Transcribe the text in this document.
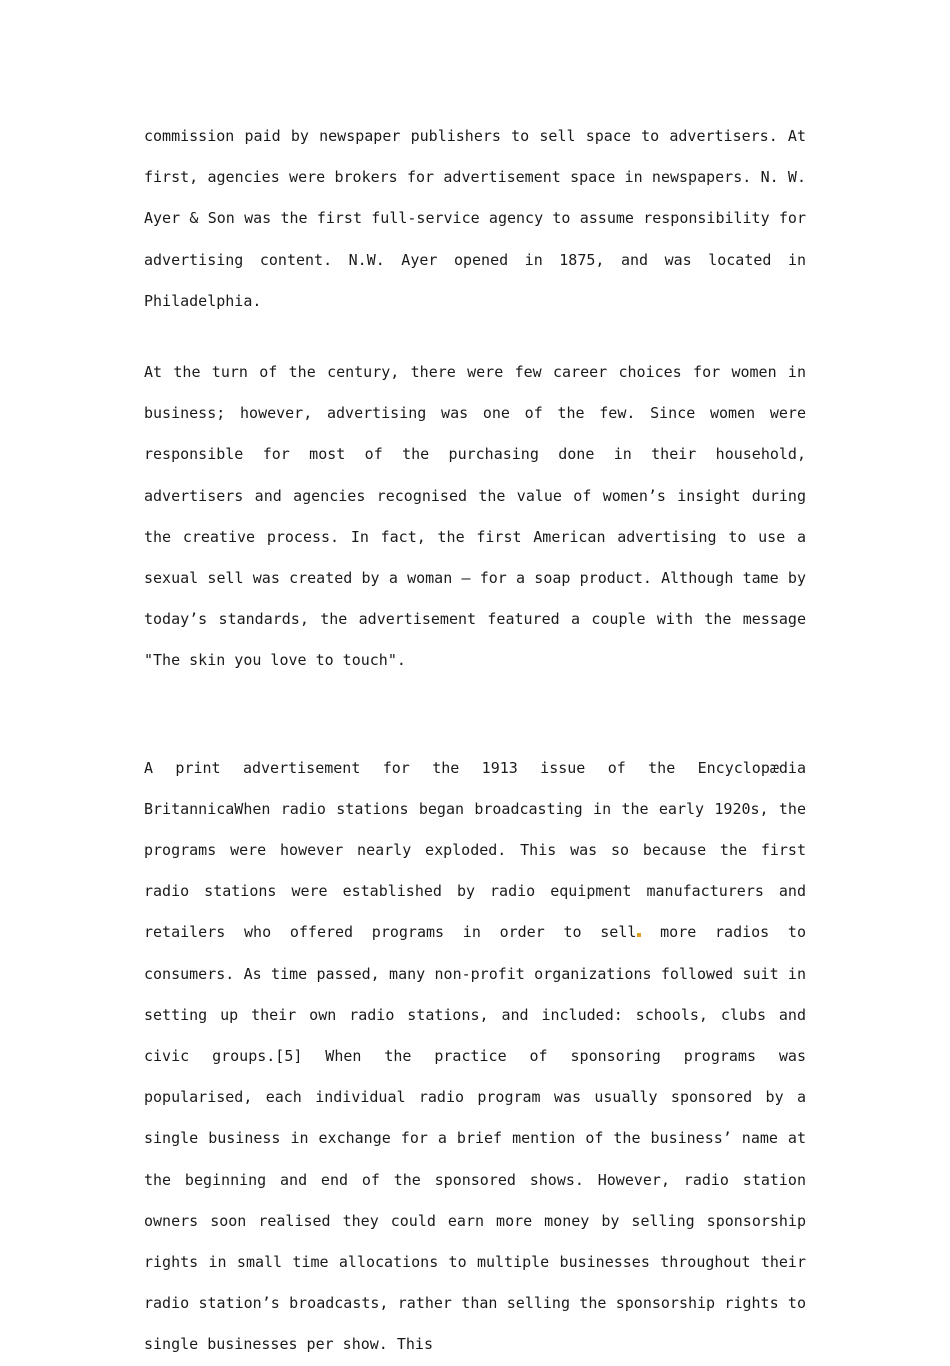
commission paid by newspaper publishers to sell space to advertisers. At first, agencies were brokers for advertisement space in newspapers. N. W. Ayer & Son was the first full-service agency to assume responsibility for advertising content. N.W. Ayer opened in 1875, and was located in Philadelphia.

At the turn of the century, there were few career choices for women in business; however, advertising was one of the few. Since women were responsible for most of the purchasing done in their household, advertisers and agencies recognised the value of women’s insight during the creative process. In fact, the first American advertising to use a sexual sell was created by a woman – for a soap product. Although tame by today’s standards, the advertisement featured a couple with the message "The skin you love to touch".

A print advertisement for the 1913 issue of the Encyclopædia BritannicaWhen radio stations began broadcasting in the early 1920s, the programs were however nearly exploded. This was so because the first radio stations were established by radio equipment manufacturers and retailers who offered programs in order to sell more radios to consumers. As time passed, many non-profit organizations followed suit in setting up their own radio stations, and included: schools, clubs and civic groups.[5] When the practice of sponsoring programs was popularised, each individual radio program was usually sponsored by a single business in exchange for a brief mention of the business’ name at the beginning and end of the sponsored shows. However, radio station owners soon realised they could earn more money by selling sponsorship rights in small time allocations to multiple businesses throughout their radio station’s broadcasts, rather than selling the sponsorship rights to single businesses per show. This
